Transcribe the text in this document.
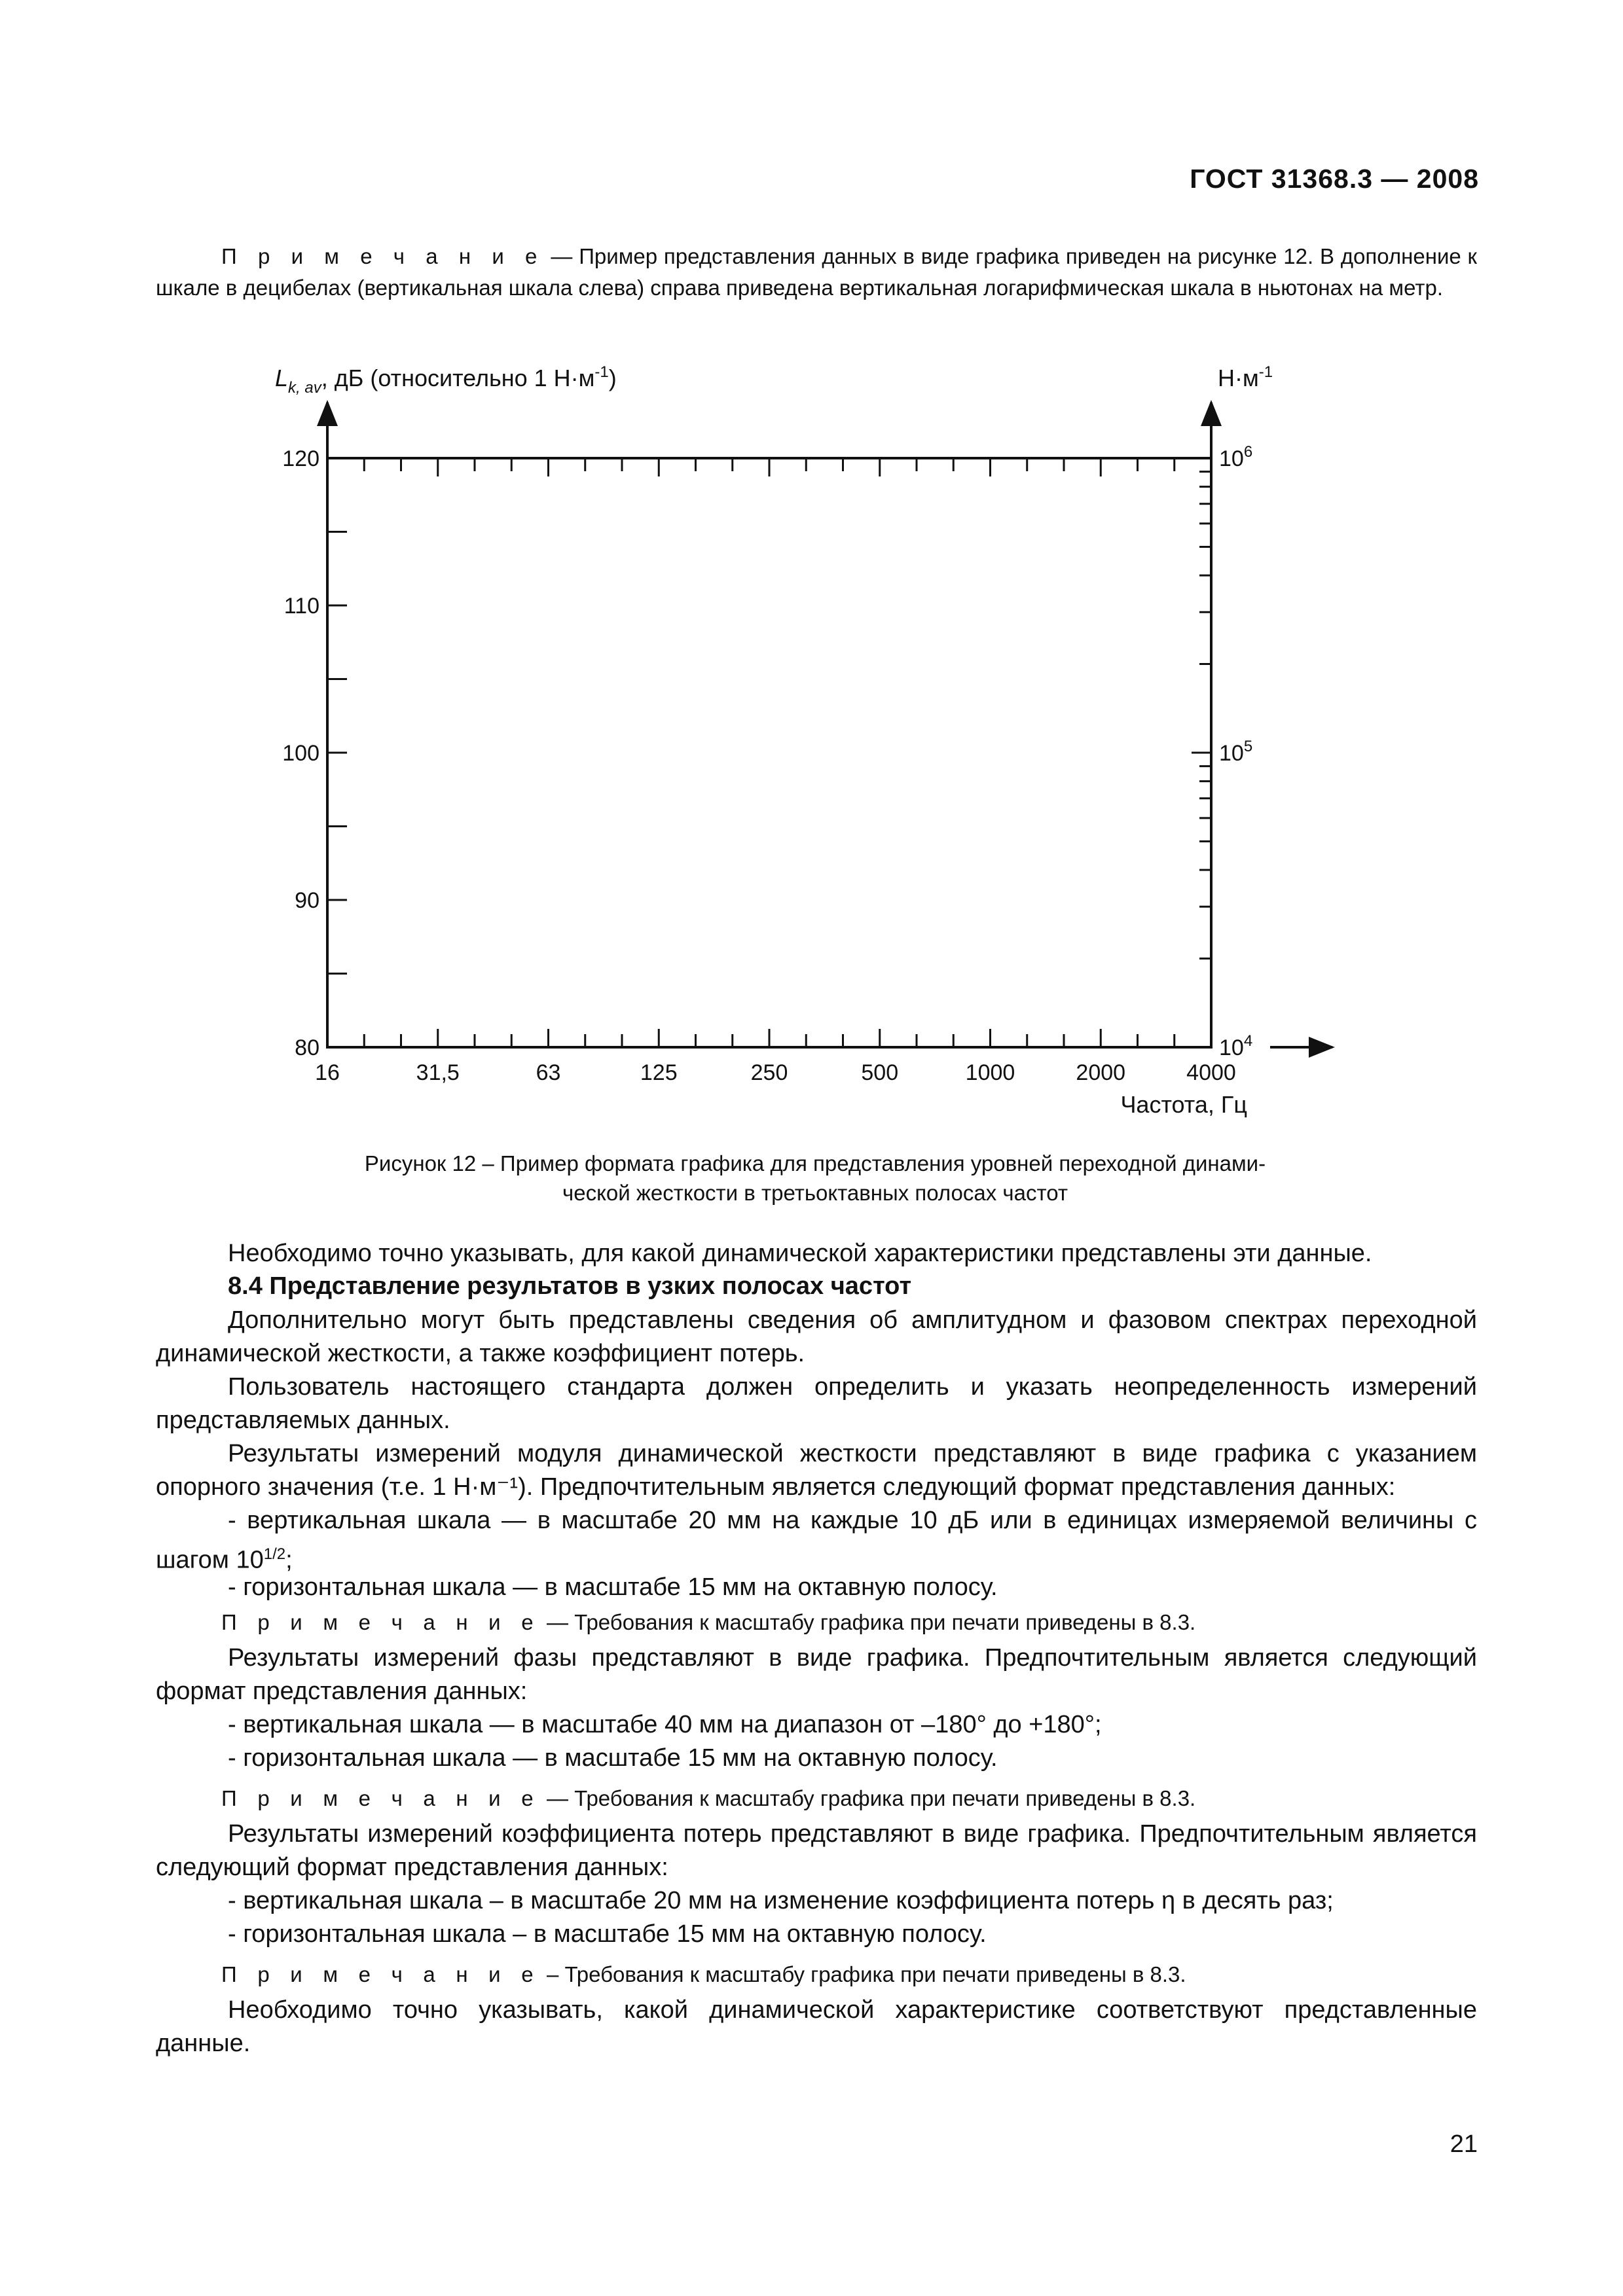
ГОСТ 31368.3 — 2008
П р и м е ч а н и е — Пример представления данных в виде графика приведен на рисунке 12. В дополнение к шкале в децибелах (вертикальная шкала слева) справа приведена вертикальная логарифмическая шкала в ньютонах на метр.
16	31,5	63	125	250	500	1000	2000	4000
120
110
100
90
80
$10^6$
$10^5$
$10^4$
$L_{k, av}$, дБ (относительно 1 $Н\cdot м^{-1}$)	$Н\cdot м^{-1}$
Частота, Гц
Рисунок 12 – Пример формата графика для представления уровней переходной динами-
ческой жесткости в третьоктавных полосах частот
Необходимо точно указывать, для какой динамической характеристики представлены эти данные.
8.4 Представление результатов в узких полосах частот
Дополнительно могут быть представлены сведения об амплитудном и фазовом спектрах переходной динамической жесткости, а также коэффициент потерь.
Пользователь настоящего стандарта должен определить и указать неопределенность измерений представляемых данных.
Результаты измерений модуля динамической жесткости представляют в виде графика с указанием опорного значения (т.е. 1 Н·м⁻¹). Предпочтительным является следующий формат представления данных:
- вертикальная шкала — в масштабе 20 мм на каждые 10 дБ или в единицах измеряемой величины с шагом $10^{1/2}$;
- горизонтальная шкала — в масштабе 15 мм на октавную полосу.
П р и м е ч а н и е — Требования к масштабу графика при печати приведены в 8.3.
Результаты измерений фазы представляют в виде графика. Предпочтительным является следующий формат представления данных:
- вертикальная шкала — в масштабе 40 мм на диапазон от –180° до +180°;
- горизонтальная шкала — в масштабе 15 мм на октавную полосу.
П р и м е ч а н и е — Требования к масштабу графика при печати приведены в 8.3.
Результаты измерений коэффициента потерь представляют в виде графика. Предпочтительным является следующий формат представления данных:
- вертикальная шкала – в масштабе 20 мм на изменение коэффициента потерь η в десять раз;
- горизонтальная шкала – в масштабе 15 мм на октавную полосу.
П р и м е ч а н и е – Требования к масштабу графика при печати приведены в 8.3.
Необходимо точно указывать, какой динамической характеристике соответствуют представленные данные.
21
